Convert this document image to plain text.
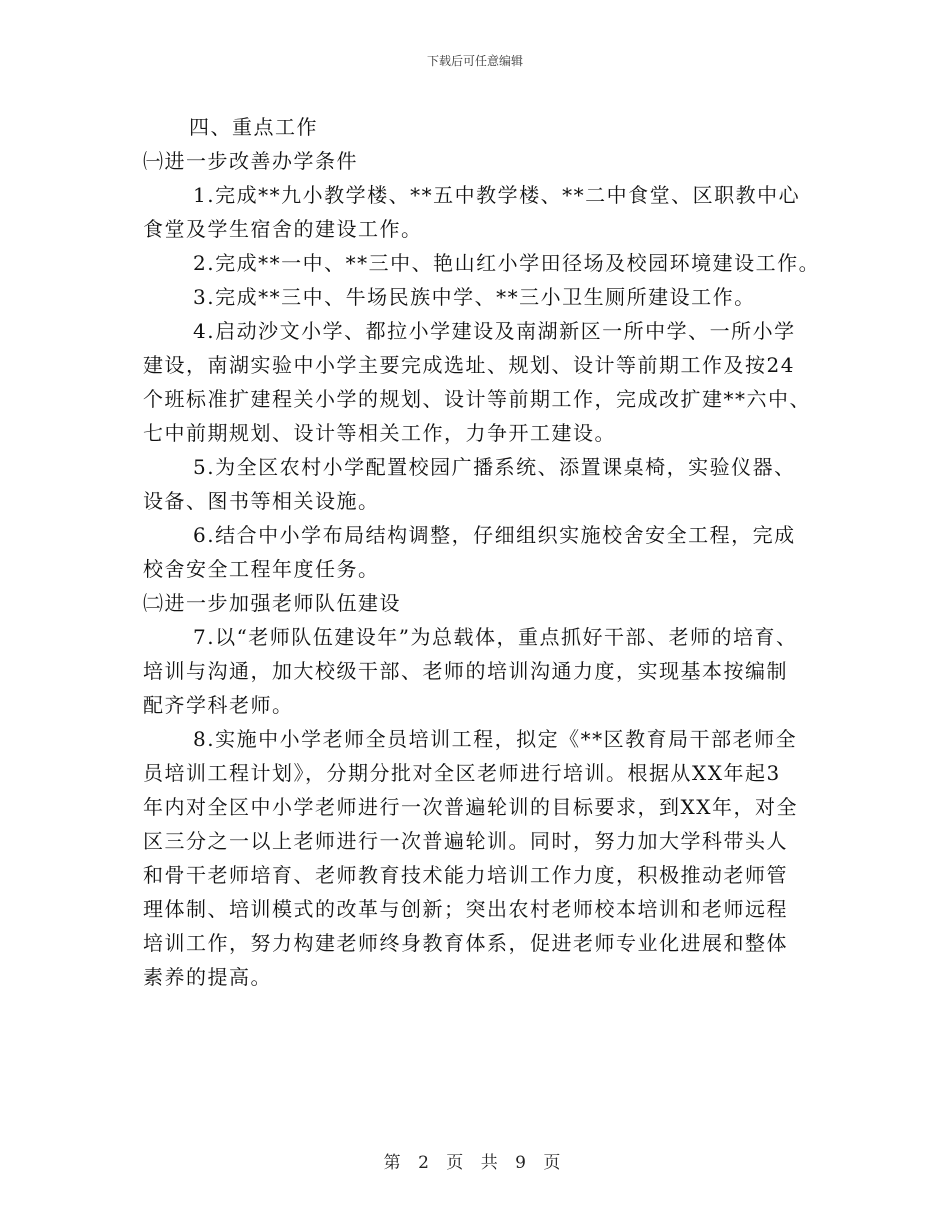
下载后可任意编辑
四、重点工作
㈠进一步改善办学条件
1.完成**九小教学楼、**五中教学楼、**二中食堂、区职教中心
食堂及学生宿舍的建设工作。
2.完成**一中、**三中、艳山红小学田径场及校园环境建设工作。
3.完成**三中、牛场民族中学、**三小卫生厕所建设工作。
4.启动沙文小学、都拉小学建设及南湖新区一所中学、一所小学
建设，南湖实验中小学主要完成选址、规划、设计等前期工作及按24
个班标准扩建程关小学的规划、设计等前期工作，完成改扩建**六中、
七中前期规划、设计等相关工作，力争开工建设。
5.为全区农村小学配置校园广播系统、添置课桌椅，实验仪器、
设备、图书等相关设施。
6.结合中小学布局结构调整，仔细组织实施校舍安全工程，完成
校舍安全工程年度任务。
㈡进一步加强老师队伍建设
7.以“老师队伍建设年”为总载体，重点抓好干部、老师的培育、
培训与沟通，加大校级干部、老师的培训沟通力度，实现基本按编制
配齐学科老师。
8.实施中小学老师全员培训工程，拟定《**区教育局干部老师全
员培训工程计划》，分期分批对全区老师进行培训。根据从XX年起3
年内对全区中小学老师进行一次普遍轮训的目标要求，到XX年，对全
区三分之一以上老师进行一次普遍轮训。同时，努力加大学科带头人
和骨干老师培育、老师教育技术能力培训工作力度，积极推动老师管
理体制、培训模式的改革与创新；突出农村老师校本培训和老师远程
培训工作，努力构建老师终身教育体系，促进老师专业化进展和整体
素养的提高。
第 2 页 共 9 页
